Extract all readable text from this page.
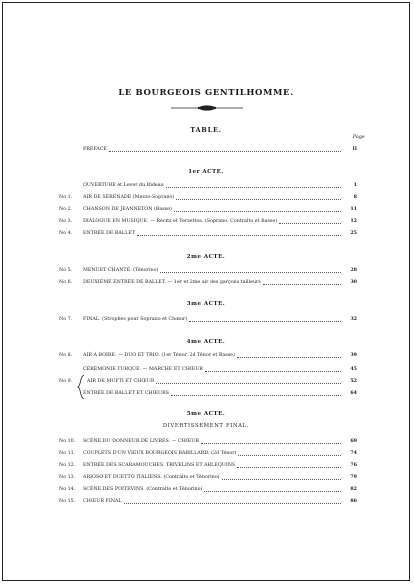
LE BOURGEOIS GENTILHOMME.
TABLE.
Page
PRÉFACE	II
1er ACTE.
OUVERTURE et Lever du Rideau	1
No 1.	AIR DE SÉRÉNADE (Mezzo-Soprano)	8
No 2.	CHANSON DE JEANNETON (Basse)	11
No 3.	DIALOGUE EN MUSIQUE. — Récits et Terzettos. (Soprano, Contralto et Basse)	12
No 4.	ENTRÉE DE BALLET	25
2me ACTE.
No 5.	MENUET CHANTÉ. (Ténorino)	28
No 6.	DEUXIÈME ENTRÉE DE BALLET. — 1er et 2me air des garçons tailleurs	30
3me ACTE.
No 7.	FINAL. (Strophes pour Soprano et Chœur)	32
4me ACTE.
No 8.	AIR À BOIRE. — DUO ET TRIO. (1er Ténor, 2d Ténor et Basse)	39
CÉRÉMONIE TURQUE. — MARCHE ET CHŒUR	45
No 9.	AIR DE MUFTI ET CHŒUR	52
ENTRÉE DE BALLET ET CHŒURS	64
5me ACTE.
DIVERTISSEMENT FINAL.
No 10.	SCÈNE DU DONNEUR DE LIVRES. — CHŒUR	69
No 11.	COUPLETS D'UN VIEUX BOURGEOIS BABILLARD. (2d Ténor)	74
No 12.	ENTRÉE DES SCARAMOUCHES, TRIVELINS ET ARLEQUINS	76
No 13.	ARIOSO ET DUETTO ITALIENS. (Contralto et Ténorino)	79
No 14.	SCÈNE DES POITEVINS. (Contralto et Ténorino)	82
No 15.	CHŒUR FINAL	86
